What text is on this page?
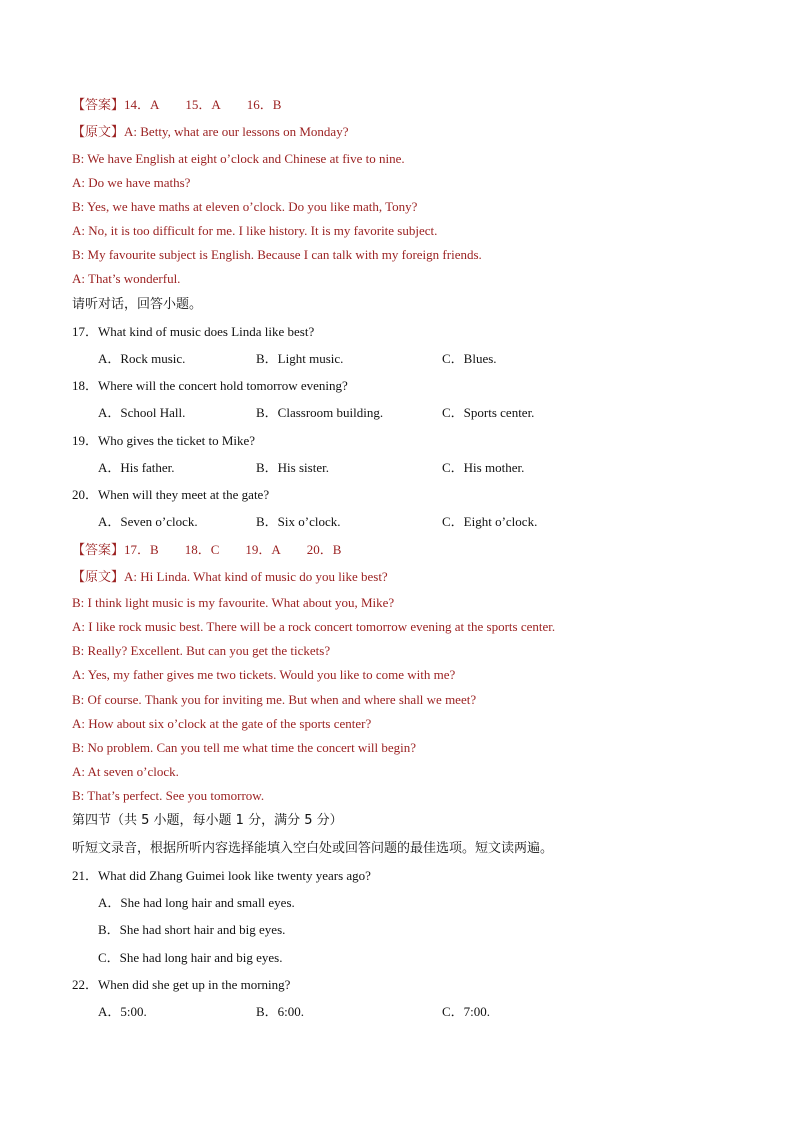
【答案】14．A 15．A 16．B
【原文】A: Betty, what are our lessons on Monday?
B: We have English at eight o’clock and Chinese at five to nine.
A: Do we have maths?
B: Yes, we have maths at eleven o’clock. Do you like math, Tony?
A: No, it is too difficult for me. I like history. It is my favorite subject.
B: My favourite subject is English. Because I can talk with my foreign friends.
A: That’s wonderful.
请听对话，回答小题。
17．What kind of music does Linda like best?
A．Rock music.	B．Light music.	C．Blues.
18．Where will the concert hold tomorrow evening?
A．School Hall.	B．Classroom building.	C．Sports center.
19．Who gives the ticket to Mike?
A．His father.	B．His sister.	C．His mother.
20．When will they meet at the gate?
A．Seven o’clock.	B．Six o’clock.	C．Eight o’clock.
【答案】17．B 18．C 19．A 20．B
【原文】A: Hi Linda. What kind of music do you like best?
B: I think light music is my favourite. What about you, Mike?
A: I like rock music best. There will be a rock concert tomorrow evening at the sports center.
B: Really? Excellent. But can you get the tickets?
A: Yes, my father gives me two tickets. Would you like to come with me?
B: Of course. Thank you for inviting me. But when and where shall we meet?
A: How about six o’clock at the gate of the sports center?
B: No problem. Can you tell me what time the concert will begin?
A: At seven o’clock.
B: That’s perfect. See you tomorrow.
第四节（共 5 小题，每小题 1 分，满分 5 分）
听短文录音，根据所听内容选择能填入空白处或回答问题的最佳选项。短文读两遍。
21．What did Zhang Guimei look like twenty years ago?
A．She had long hair and small eyes.
B．She had short hair and big eyes.
C．She had long hair and big eyes.
22．When did she get up in the morning?
A．5:00.	B．6:00.	C．7:00.
